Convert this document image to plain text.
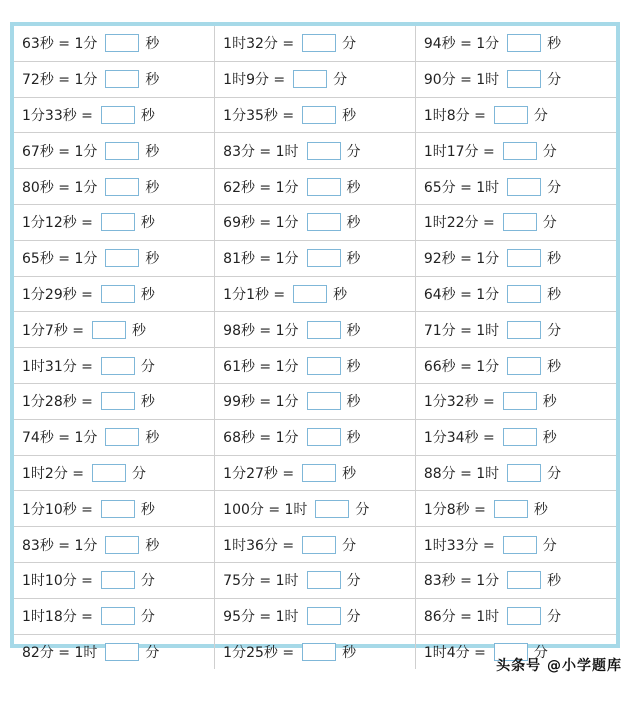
63秒 = 1分 秒	1时32分 = 分	94秒 = 1分 秒
72秒 = 1分 秒	1时9分 = 分	90分 = 1时 分
1分33秒 = 秒	1分35秒 = 秒	1时8分 = 分
67秒 = 1分 秒	83分 = 1时 分	1时17分 = 分
80秒 = 1分 秒	62秒 = 1分 秒	65分 = 1时 分
1分12秒 = 秒	69秒 = 1分 秒	1时22分 = 分
65秒 = 1分 秒	81秒 = 1分 秒	92秒 = 1分 秒
1分29秒 = 秒	1分1秒 = 秒	64秒 = 1分 秒
1分7秒 = 秒	98秒 = 1分 秒	71分 = 1时 分
1时31分 = 分	61秒 = 1分 秒	66秒 = 1分 秒
1分28秒 = 秒	99秒 = 1分 秒	1分32秒 = 秒
74秒 = 1分 秒	68秒 = 1分 秒	1分34秒 = 秒
1时2分 = 分	1分27秒 = 秒	88分 = 1时 分
1分10秒 = 秒	100分 = 1时 分	1分8秒 = 秒
83秒 = 1分 秒	1时36分 = 分	1时33分 = 分
1时10分 = 分	75分 = 1时 分	83秒 = 1分 秒
1时18分 = 分	95分 = 1时 分	86分 = 1时 分
82分 = 1时 分	1分25秒 = 秒	1时4分 = 分
头条号 @小学题库
